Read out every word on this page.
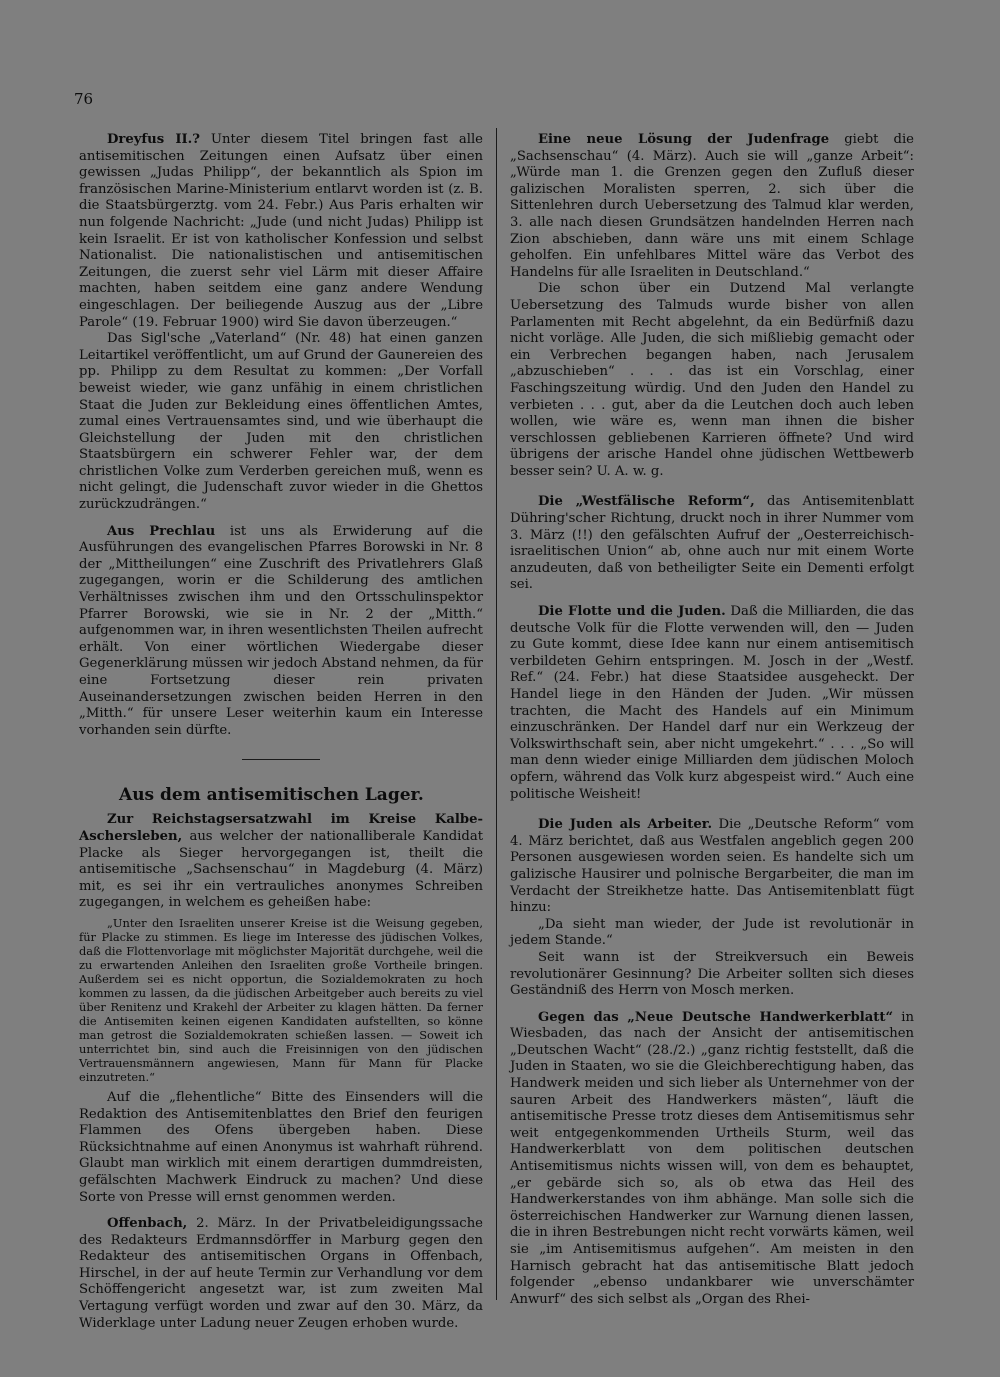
76

Dreyfus II.? Unter diesem Titel bringen fast alle antisemitischen Zeitungen einen Aufsatz über einen gewissen „Judas Philipp“, der bekanntlich als Spion im französischen Marine-Ministerium entlarvt worden ist (z. B. die Staatsbürgerztg. vom 24. Febr.) Aus Paris erhalten wir nun folgende Nachricht: „Jude (und nicht Judas) Philipp ist kein Israelit. Er ist von katholischer Konfession und selbst Nationalist. Die nationalistischen und antisemitischen Zeitungen, die zuerst sehr viel Lärm mit dieser Affaire machten, haben seitdem eine ganz andere Wendung eingeschlagen. Der beiliegende Auszug aus der „Libre Parole“ (19. Februar 1900) wird Sie davon überzeugen.“

Das Sigl'sche „Vaterland“ (Nr. 48) hat einen ganzen Leitartikel veröffentlicht, um auf Grund der Gaunereien des pp. Philipp zu dem Resultat zu kommen: „Der Vorfall beweist wieder, wie ganz unfähig in einem christlichen Staat die Juden zur Bekleidung eines öffentlichen Amtes, zumal eines Vertrauensamtes sind, und wie überhaupt die Gleichstellung der Juden mit den christlichen Staatsbürgern ein schwerer Fehler war, der dem christlichen Volke zum Verderben gereichen muß, wenn es nicht gelingt, die Judenschaft zuvor wieder in die Ghettos zurückzudrängen.“

Aus Prechlau ist uns als Erwiderung auf die Ausführungen des evangelischen Pfarres Borowski in Nr. 8 der „Mittheilungen“ eine Zuschrift des Privatlehrers Glaß zugegangen, worin er die Schilderung des amtlichen Verhältnisses zwischen ihm und den Ortsschulinspektor Pfarrer Borowski, wie sie in Nr. 2 der „Mitth.“ aufgenommen war, in ihren wesentlichsten Theilen aufrecht erhält. Von einer wörtlichen Wiedergabe dieser Gegenerklärung müssen wir jedoch Abstand nehmen, da für eine Fortsetzung dieser rein privaten Auseinandersetzungen zwischen beiden Herren in den „Mitth.“ für unsere Leser weiterhin kaum ein Interesse vorhanden sein dürfte.

Aus dem antisemitischen Lager.

Zur Reichstagsersatzwahl im Kreise Kalbe-Aschersleben, aus welcher der nationalliberale Kandidat Placke als Sieger hervorgegangen ist, theilt die antisemitische „Sachsenschau“ in Magdeburg (4. März) mit, es sei ihr ein vertrauliches anonymes Schreiben zugegangen, in welchem es geheißen habe:

„Unter den Israeliten unserer Kreise ist die Weisung gegeben, für Placke zu stimmen. Es liege im Interesse des jüdischen Volkes, daß die Flottenvorlage mit möglichster Majorität durchgehe, weil die zu erwartenden Anleihen den Israeliten große Vortheile bringen. Außerdem sei es nicht opportun, die Sozialdemokraten zu hoch kommen zu lassen, da die jüdischen Arbeitgeber auch bereits zu viel über Renitenz und Krakehl der Arbeiter zu klagen hätten. Da ferner die Antisemiten keinen eigenen Kandidaten aufstellten, so könne man getrost die Sozialdemokraten schießen lassen. — Soweit ich unterrichtet bin, sind auch die Freisinnigen von den jüdischen Vertrauensmännern angewiesen, Mann für Mann für Placke einzutreten.“

Auf die „flehentliche“ Bitte des Einsenders will die Redaktion des Antisemitenblattes den Brief den feurigen Flammen des Ofens übergeben haben. Diese Rücksichtnahme auf einen Anonymus ist wahrhaft rührend. Glaubt man wirklich mit einem derartigen dummdreisten, gefälschten Machwerk Eindruck zu machen? Und diese Sorte von Presse will ernst genommen werden.

Offenbach, 2. März. In der Privatbeleidigungssache des Redakteurs Erdmannsdörffer in Marburg gegen den Redakteur des antisemitischen Organs in Offenbach, Hirschel, in der auf heute Termin zur Verhandlung vor dem Schöffengericht angesetzt war, ist zum zweiten Mal Vertagung verfügt worden und zwar auf den 30. März, da Widerklage unter Ladung neuer Zeugen erhoben wurde.

Eine neue Lösung der Judenfrage giebt die „Sachsenschau“ (4. März). Auch sie will „ganze Arbeit“: „Würde man 1. die Grenzen gegen den Zufluß dieser galizischen Moralisten sperren, 2. sich über die Sittenlehren durch Uebersetzung des Talmud klar werden, 3. alle nach diesen Grundsätzen handelnden Herren nach Zion abschieben, dann wäre uns mit einem Schlage geholfen. Ein unfehlbares Mittel wäre das Verbot des Handelns für alle Israeliten in Deutschland.“

Die schon über ein Dutzend Mal verlangte Uebersetzung des Talmuds wurde bisher von allen Parlamenten mit Recht abgelehnt, da ein Bedürfniß dazu nicht vorläge. Alle Juden, die sich mißliebig gemacht oder ein Verbrechen begangen haben, nach Jerusalem „abzuschieben“ . . . das ist ein Vorschlag, einer Faschingszeitung würdig. Und den Juden den Handel zu verbieten . . . gut, aber da die Leutchen doch auch leben wollen, wie wäre es, wenn man ihnen die bisher verschlossen gebliebenen Karrieren öffnete? Und wird übrigens der arische Handel ohne jüdischen Wettbewerb besser sein? U. A. w. g.

Die „Westfälische Reform“, das Antisemitenblatt Dühring'scher Richtung, druckt noch in ihrer Nummer vom 3. März (!!) den gefälschten Aufruf der „Oesterreichisch-israelitischen Union“ ab, ohne auch nur mit einem Worte anzudeuten, daß von betheiligter Seite ein Dementi erfolgt sei.

Die Flotte und die Juden. Daß die Milliarden, die das deutsche Volk für die Flotte verwenden will, den — Juden zu Gute kommt, diese Idee kann nur einem antisemitisch verbildeten Gehirn entspringen. M. Josch in der „Westf. Ref.“ (24. Febr.) hat diese Staatsidee ausgeheckt. Der Handel liege in den Händen der Juden. „Wir müssen trachten, die Macht des Handels auf ein Minimum einzuschränken. Der Handel darf nur ein Werkzeug der Volkswirthschaft sein, aber nicht umgekehrt.“ . . . „So will man denn wieder einige Milliarden dem jüdischen Moloch opfern, während das Volk kurz abgespeist wird.“ Auch eine politische Weisheit!

Die Juden als Arbeiter. Die „Deutsche Reform“ vom 4. März berichtet, daß aus Westfalen angeblich gegen 200 Personen ausgewiesen worden seien. Es handelte sich um galizische Hausirer und polnische Bergarbeiter, die man im Verdacht der Streikhetze hatte. Das Antisemitenblatt fügt hinzu:

„Da sieht man wieder, der Jude ist revolutionär in jedem Stande.“

Seit wann ist der Streikversuch ein Beweis revolutionärer Gesinnung? Die Arbeiter sollten sich dieses Geständniß des Herrn von Mosch merken.

Gegen das „Neue Deutsche Handwerkerblatt“ in Wiesbaden, das nach der Ansicht der antisemitischen „Deutschen Wacht“ (28./2.) „ganz richtig feststellt, daß die Juden in Staaten, wo sie die Gleichberechtigung haben, das Handwerk meiden und sich lieber als Unternehmer von der sauren Arbeit des Handwerkers mästen“, läuft die antisemitische Presse trotz dieses dem Antisemitismus sehr weit entgegenkommenden Urtheils Sturm, weil das Handwerkerblatt von dem politischen deutschen Antisemitismus nichts wissen will, von dem es behauptet, „er gebärde sich so, als ob etwa das Heil des Handwerkerstandes von ihm abhänge. Man solle sich die österreichischen Handwerker zur Warnung dienen lassen, die in ihren Bestrebungen nicht recht vorwärts kämen, weil sie „im Antisemitismus aufgehen“. Am meisten in den Harnisch gebracht hat das antisemitische Blatt jedoch folgender „ebenso undankbarer wie unverschämter Anwurf“ des sich selbst als „Organ des Rhei-
